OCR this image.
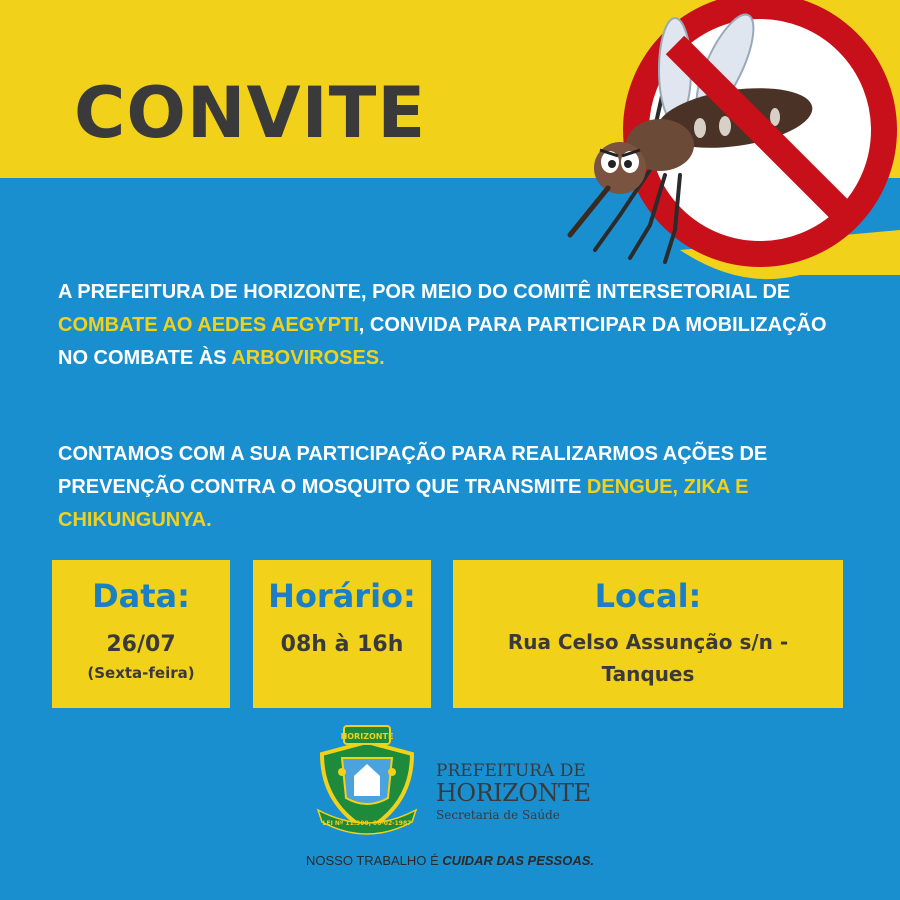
CONVITE

A PREFEITURA DE HORIZONTE, POR MEIO DO COMITÊ INTERSETORIAL DE COMBATE AO AEDES AEGYPTI, CONVIDA PARA PARTICIPAR DA MOBILIZAÇÃO NO COMBATE ÀS ARBOVIROSES.

CONTAMOS COM A SUA PARTICIPAÇÃO PARA REALIZARMOS AÇÕES DE PREVENÇÃO CONTRA O MOSQUITO QUE TRANSMITE DENGUE, ZIKA E CHIKUNGUNYA.

Data:
26/07
(Sexta-feira)
Horário:
08h à 16h
Local:
Rua Celso Assunção s/n -
Tanques
HORIZONTE
LEI Nº 11.300, 06-02-1987
PREFEITURA DE
HORIZONTE
Secretaria de Saúde
NOSSO TRABALHO É CUIDAR DAS PESSOAS.
